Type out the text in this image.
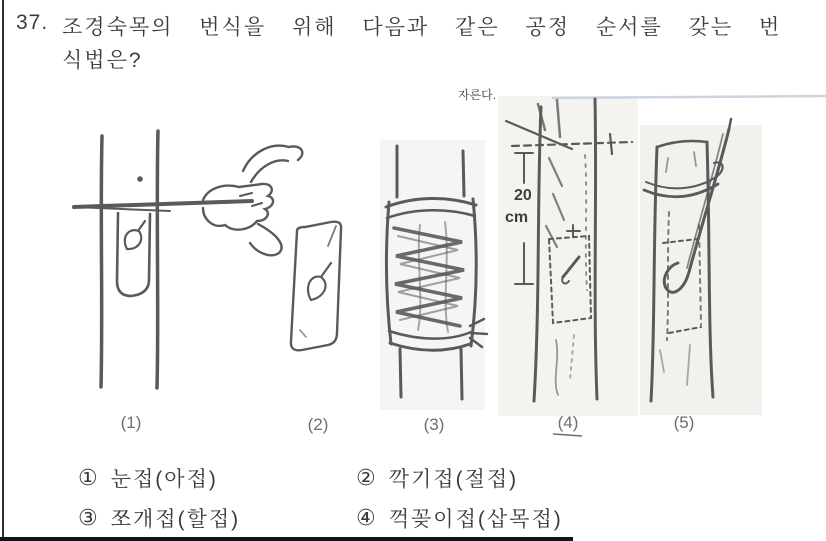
37. 조경숙목의 번식을 위해 다음과 같은 공정 순서를 갖는 번
식법은?
자른다.
20
cm
(1)	(2)	(3)	(4)	(5)
① 눈접(아접)	② 깍기접(절접)
③ 쪼개접(할접)	④ 꺽꽂이접(삽목접)
